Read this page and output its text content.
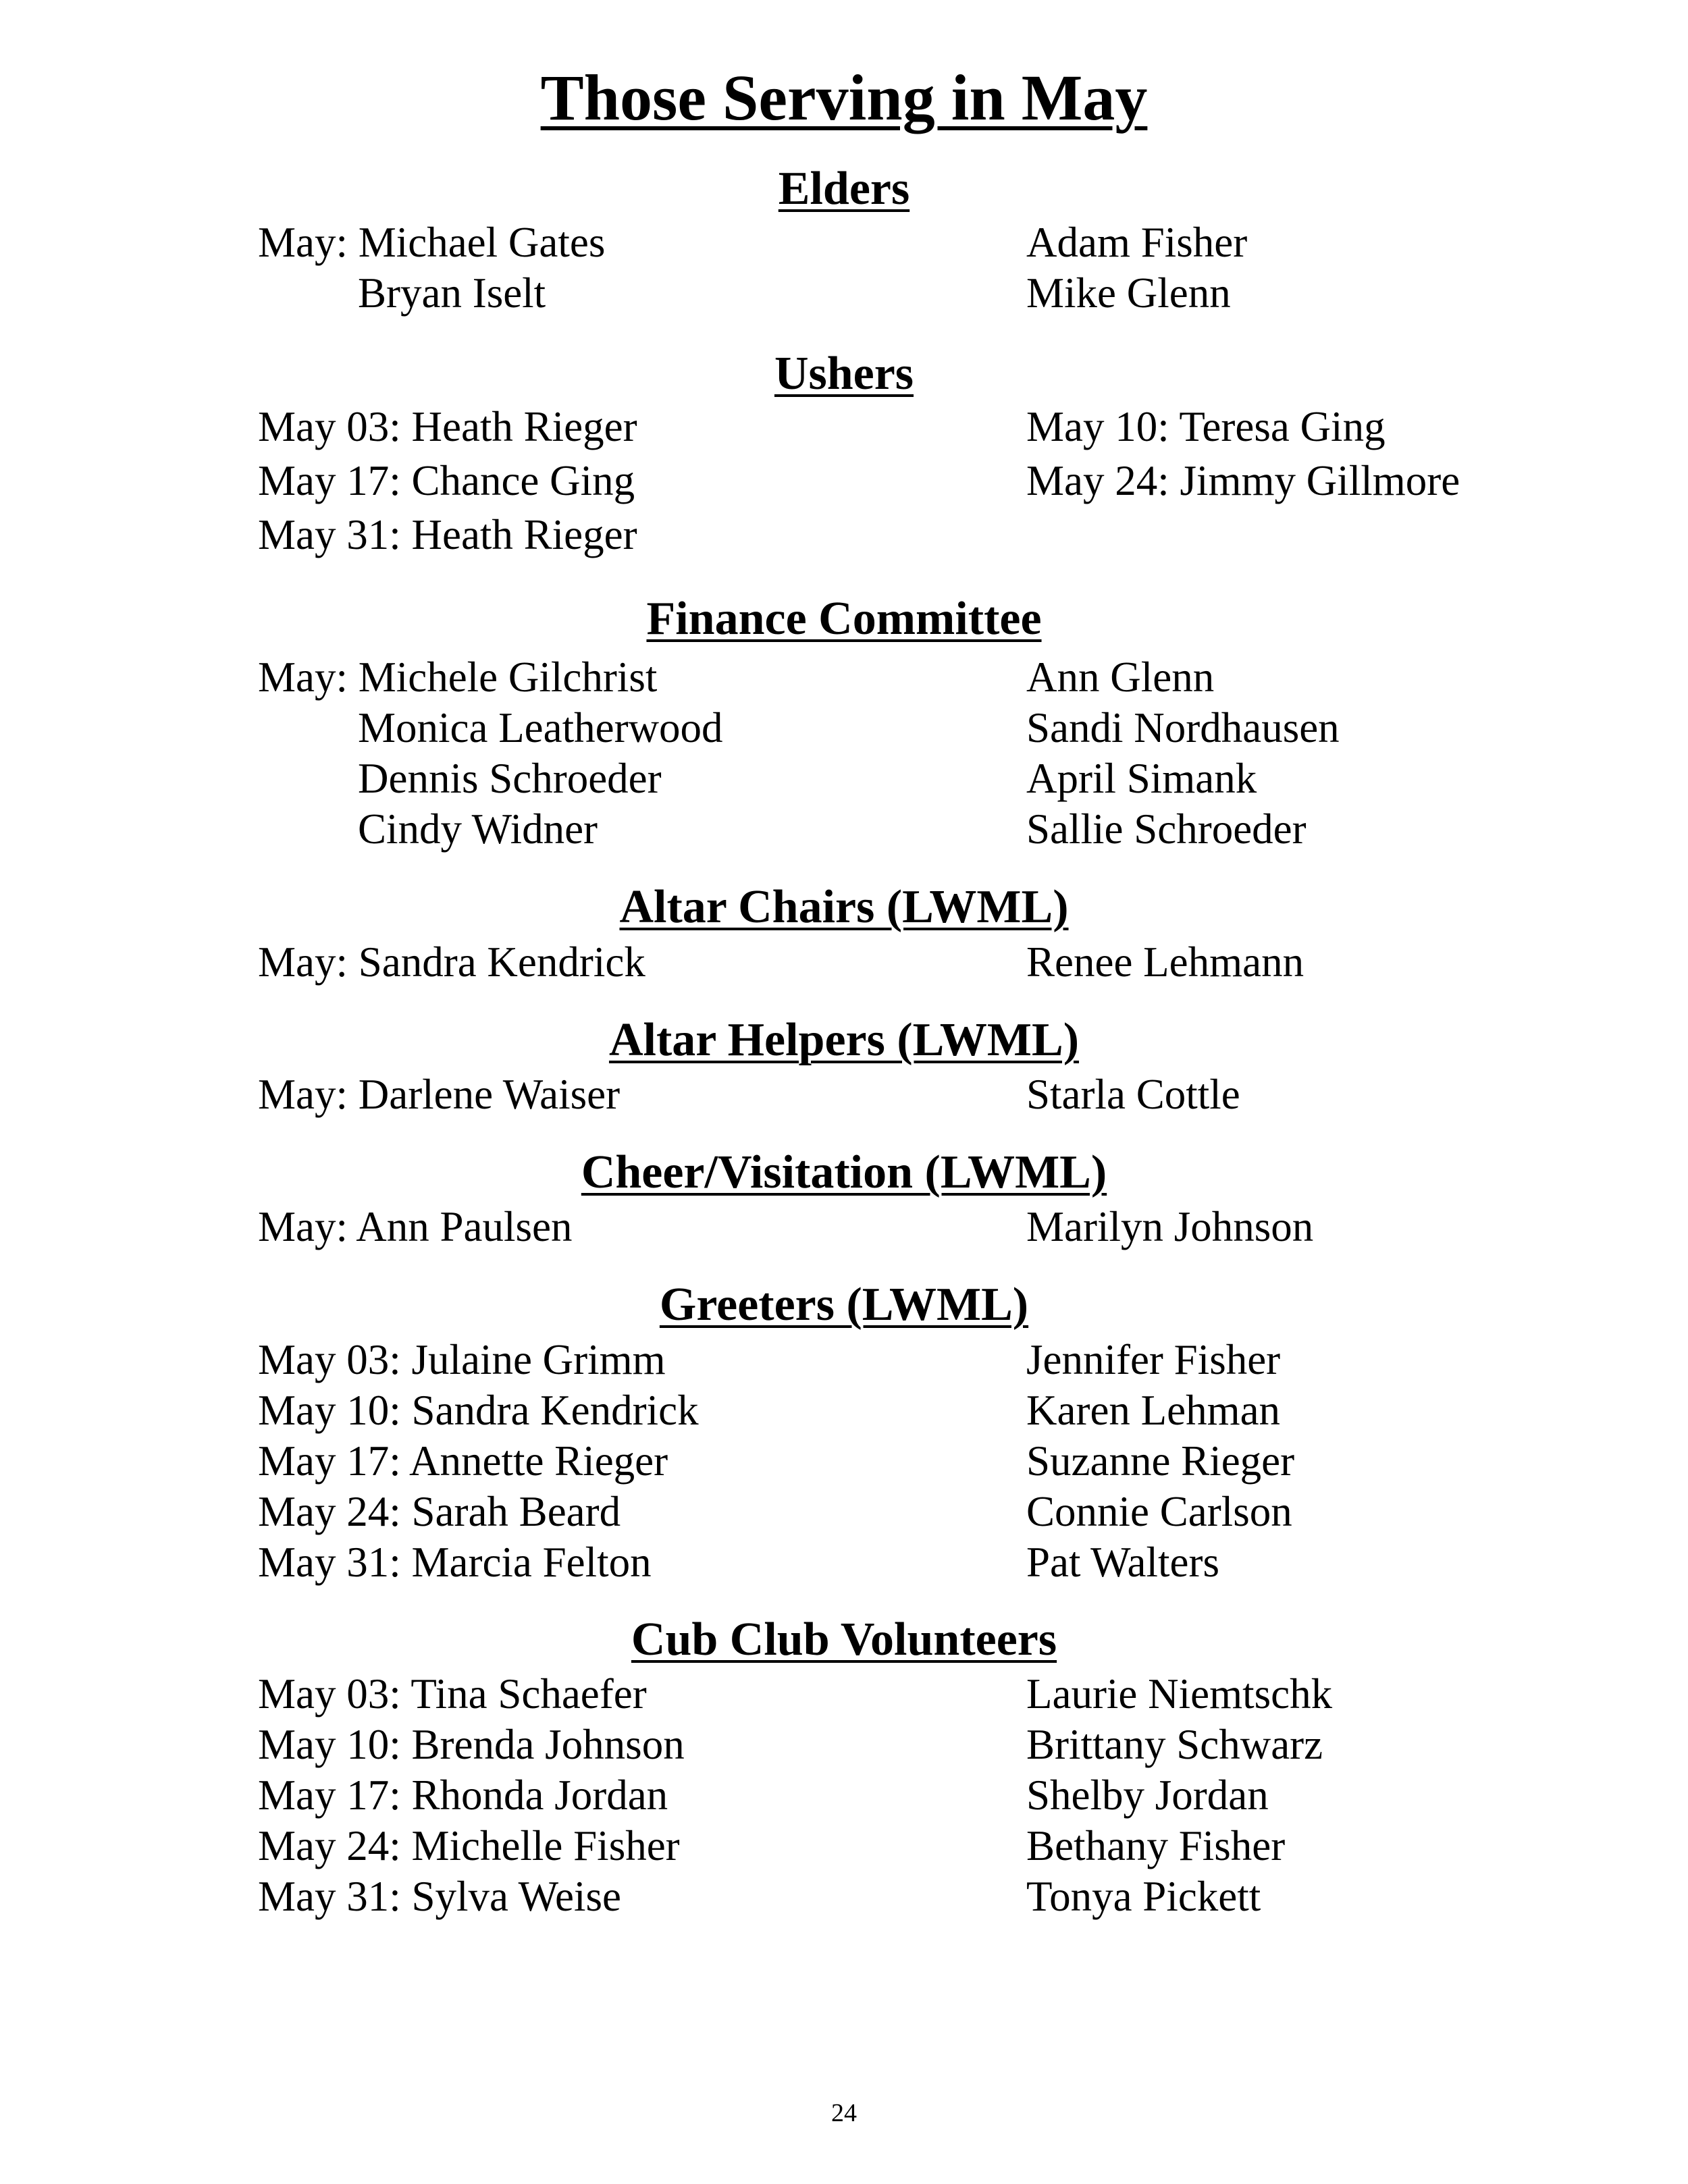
Those Serving in May
Elders
May: Michael Gates	Adam Fisher
Bryan Iselt	Mike Glenn
Ushers
May 03: Heath Rieger	May 10: Teresa Ging
May 17: Chance Ging	May 24: Jimmy Gillmore
May 31: Heath Rieger
Finance Committee
May: Michele Gilchrist	Ann Glenn
Monica Leatherwood	Sandi Nordhausen
Dennis Schroeder	April Simank
Cindy Widner	Sallie Schroeder
Altar Chairs (LWML)
May: Sandra Kendrick	Renee Lehmann
Altar Helpers (LWML)
May: Darlene Waiser	Starla Cottle
Cheer/Visitation (LWML)
May: Ann Paulsen	Marilyn Johnson
Greeters (LWML)
May 03: Julaine Grimm	Jennifer Fisher
May 10: Sandra Kendrick	Karen Lehman
May 17: Annette Rieger	Suzanne Rieger
May 24: Sarah Beard	Connie Carlson
May 31: Marcia Felton	Pat Walters
Cub Club Volunteers
May 03: Tina Schaefer	Laurie Niemtschk
May 10: Brenda Johnson	Brittany Schwarz
May 17: Rhonda Jordan	Shelby Jordan
May 24: Michelle Fisher	Bethany Fisher
May 31: Sylva Weise	Tonya Pickett
24
